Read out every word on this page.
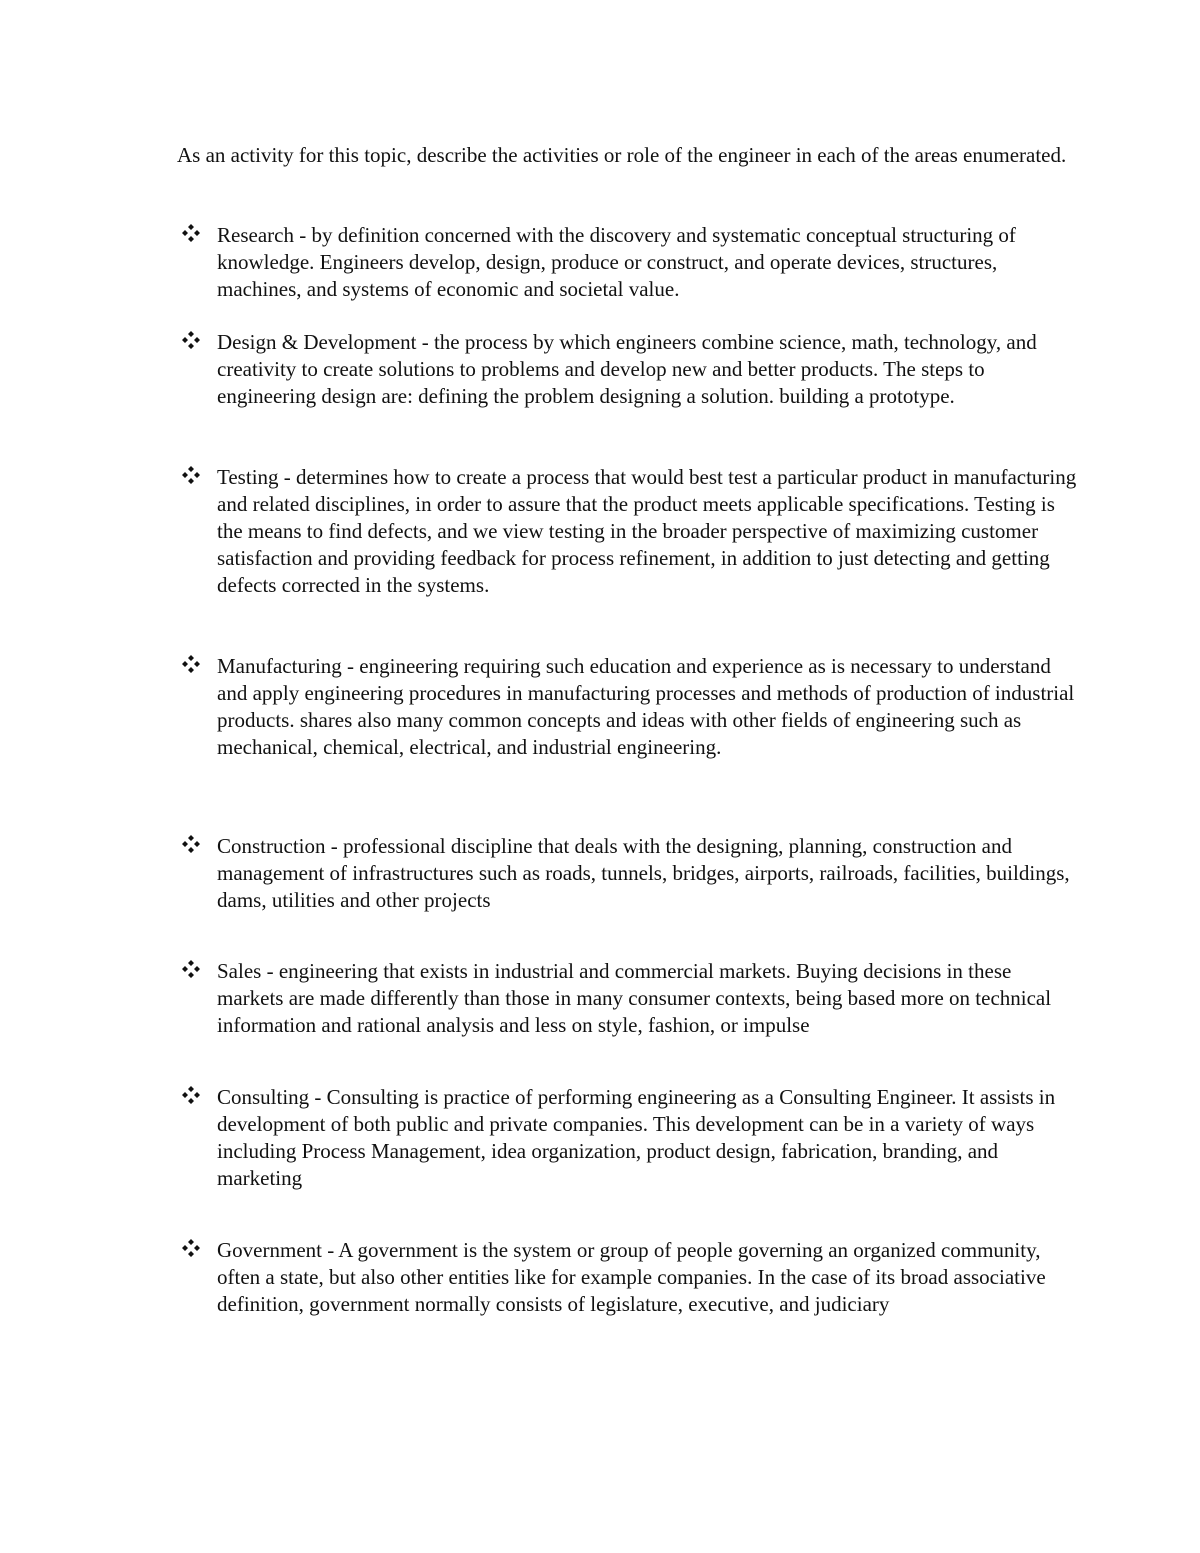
As an activity for this topic, describe the activities or role of the engineer in each of the areas enumerated.

Research - by definition concerned with the discovery and systematic conceptual structuring of knowledge. Engineers develop, design, produce or construct, and operate devices, structures, machines, and systems of economic and societal value.
Design & Development - the process by which engineers combine science, math, technology, and creativity to create solutions to problems and develop new and better products. The steps to engineering design are: defining the problem designing a solution. building a prototype.
Testing - determines how to create a process that would best test a particular product in manufacturing and related disciplines, in order to assure that the product meets applicable specifications. Testing is the means to find defects, and we view testing in the broader perspective of maximizing customer satisfaction and providing feedback for process refinement, in addition to just detecting and getting defects corrected in the systems.
Manufacturing - engineering requiring such education and experience as is necessary to understand and apply engineering procedures in manufacturing processes and methods of production of industrial products. shares also many common concepts and ideas with other fields of engineering such as mechanical, chemical, electrical, and industrial engineering.
Construction - professional discipline that deals with the designing, planning, construction and management of infrastructures such as roads, tunnels, bridges, airports, railroads, facilities, buildings, dams, utilities and other projects
Sales - engineering that exists in industrial and commercial markets. Buying decisions in these markets are made differently than those in many consumer contexts, being based more on technical information and rational analysis and less on style, fashion, or impulse
Consulting - Consulting is practice of performing engineering as a Consulting Engineer. It assists in development of both public and private companies. This development can be in a variety of ways including Process Management, idea organization, product design, fabrication, branding, and marketing
Government - A government is the system or group of people governing an organized community, often a state, but also other entities like for example companies. In the case of its broad associative definition, government normally consists of legislature, executive, and judiciary
